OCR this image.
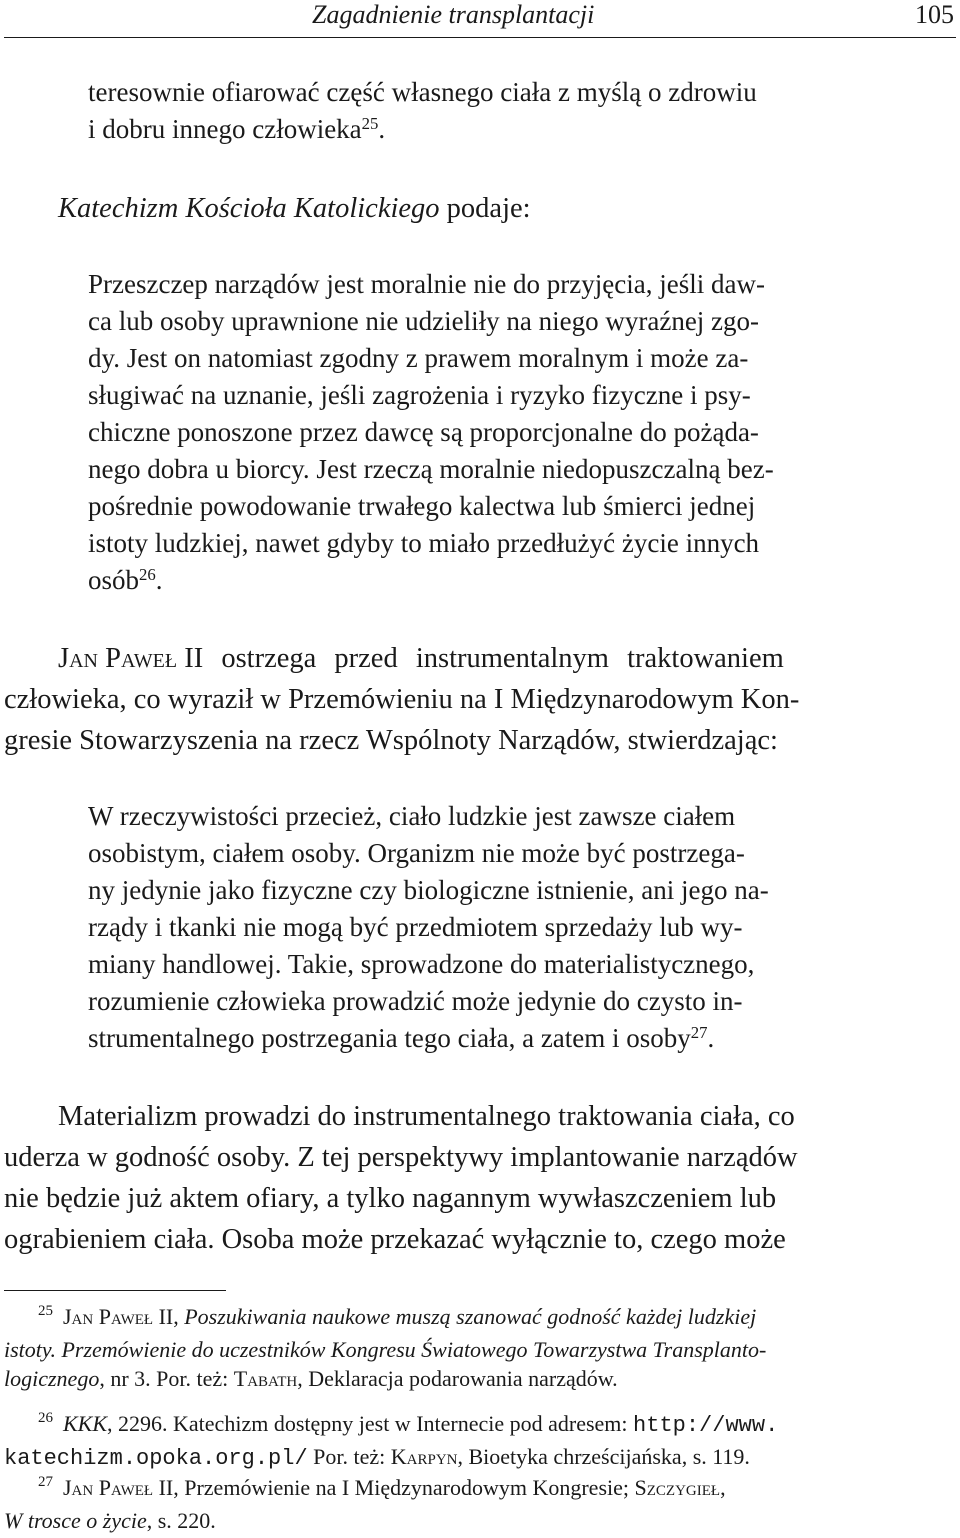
Zagadnienie transplantacji	105
teresownie ofiarować część własnego ciała z myślą o zdrowiu
i dobru innego człowieka$^{25}$.
Katechizm Kościoła Katolickiego podaje:
Przeszczep narządów jest moralnie nie do przyjęcia, jeśli daw-
ca lub osoby uprawnione nie udzieliły na niego wyraźnej zgo-
dy. Jest on natomiast zgodny z prawem moralnym i może za-
sługiwać na uznanie, jeśli zagrożenia i ryzyko fizyczne i psy-
chiczne ponoszone przez dawcę są proporcjonalne do pożąda-
nego dobra u biorcy. Jest rzeczą moralnie niedopuszczalną bez-
pośrednie powodowanie trwałego kalectwa lub śmierci jednej
istoty ludzkiej, nawet gdyby to miało przedłużyć życie innych
osób$^{26}$.
Jan Paweł II ostrzega przed instrumentalnym traktowaniem
człowieka, co wyraził w Przemówieniu na I Międzynarodowym Kon-
gresie Stowarzyszenia na rzecz Wspólnoty Narządów, stwierdzając:
W rzeczywistości przecież, ciało ludzkie jest zawsze ciałem
osobistym, ciałem osoby. Organizm nie może być postrzega-
ny jedynie jako fizyczne czy biologiczne istnienie, ani jego na-
rządy i tkanki nie mogą być przedmiotem sprzedaży lub wy-
miany handlowej. Takie, sprowadzone do materialistycznego,
rozumienie człowieka prowadzić może jedynie do czysto in-
strumentalnego postrzegania tego ciała, a zatem i osoby$^{27}$.
Materializm prowadzi do instrumentalnego traktowania ciała, co
uderza w godność osoby. Z tej perspektywy implantowanie narządów
nie będzie już aktem ofiary, a tylko nagannym wywłaszczeniem lub
ograbieniem ciała. Osoba może przekazać wyłącznie to, czego może
$^{25}$ Jan Paweł II, Poszukiwania naukowe muszą szanować godność każdej ludzkiej
istoty. Przemówienie do uczestników Kongresu Światowego Towarzystwa Transplanto-
logicznego, nr 3. Por. też: Tabath, Deklaracja podarowania narządów.
$^{26}$ KKK, 2296. Katechizm dostępny jest w Internecie pod adresem: http://www.
katechizm.opoka.org.pl/ Por. też: Karpyn, Bioetyka chrześcijańska, s. 119.
$^{27}$ Jan Paweł II, Przemówienie na I Międzynarodowym Kongresie; Szczygieł,
W trosce o życie, s. 220.
